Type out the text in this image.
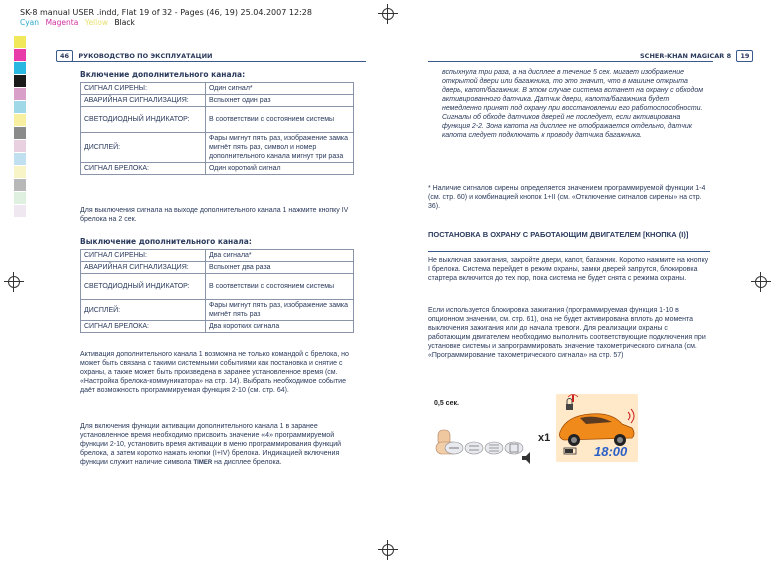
SK-8 manual USER .indd, Flat 19 of 32 - Pages (46, 19) 25.04.2007 12:28
Cyan Magenta Yellow Black
46 РУКОВОДСТВО ПО ЭКСПЛУАТАЦИИ
Включение дополнительного канала:
СИГНАЛ СИРЕНЫ:	Один сигнал*
АВАРИЙНАЯ СИГНАЛИЗАЦИЯ:	Вспыхнет один раз
СВЕТОДИОДНЫЙ ИНДИКАТОР:	В соответствии с состоянием системы
ДИСПЛЕЙ:	Фары мигнут пять раз, изображение замка мигнёт пять раз, символ и номер дополнительного канала мигнут три раза
СИГНАЛ БРЕЛОКА:	Один короткий сигнал
Для выключения сигнала на выходе дополнительного канала 1 нажмите кнопку IV брелока на 2 сек.
Выключение дополнительного канала:
СИГНАЛ СИРЕНЫ:	Два сигнала*
АВАРИЙНАЯ СИГНАЛИЗАЦИЯ:	Вспыхнет два раза
СВЕТОДИОДНЫЙ ИНДИКАТОР:	В соответствии с состоянием системы
ДИСПЛЕЙ:	Фары мигнут пять раз, изображение замка мигнёт пять раз
СИГНАЛ БРЕЛОКА:	Два коротких сигнала
Активация дополнительного канала 1 возможна не только командой с брелока, но может быть связана с такими системными событиями как постановка и снятие с охраны, а также может быть произведена в заранее установленное время (см. «Настройка брелока-коммуникатора» на стр. 14). Выбрать необходимое событие даёт возможность программируемая функция 2-10 (см. стр. 64).
Для включения функции активации дополнительного канала 1 в заранее установленное время необходимо присвоить значение «4» программируемой функции 2-10, установить время активации в меню программирования функций брелока, а затем коротко нажать кнопки (I+IV) брелока. Индикацией включения функции служит наличие символа TIMER на дисплее брелока.
SCHER-KHAN MAGICAR 8 19
вспыхнула три раза, а на дисплее в течение 5 сек. мигает изображение открытой двери или багажника, то это значит, что в машине открыта дверь, капот/багажник. В этом случае система встанет на охрану с обходом активированного датчика. Датчик двери, капота/багажника будет немедленно принят под охрану при восстановлении его работоспособности. Сигналы об обходе датчиков дверей не последует, если активирована функция 2-2. Зона капота на дисплее не отображается отдельно, датчик капота следует подключать к проводу датчика багажника.
* Наличие сигналов сирены определяется значением программируемой функции 1-4 (см. стр. 60) и комбинацией кнопок 1+II (см. «Отключение сигналов сирены» на стр. 36).
ПОСТАНОВКА В ОХРАНУ С РАБОТАЮЩИМ ДВИГАТЕЛЕМ [КНОПКА (I)]
Не выключая зажигания, закройте двери, капот, багажник. Коротко нажмите на кнопку I брелока. Система перейдет в режим охраны, замки дверей запрутся, блокировка стартера включится до тех пор, пока система не будет снята с режима охраны.
Если используется блокировка зажигания (программируемая функция 1-10 в опционном значении, см. стр. 61), она не будет активирована вплоть до момента выключения зажигания или до начала тревоги. Для реализации охраны с работающим двигателем необходимо выполнить соответствующие подключения при установке системы и запрограммировать значение тахометрического сигнала (см. «Программирование тахометрического сигнала» на стр. 57)
0,5 сек.
x1
18:00
